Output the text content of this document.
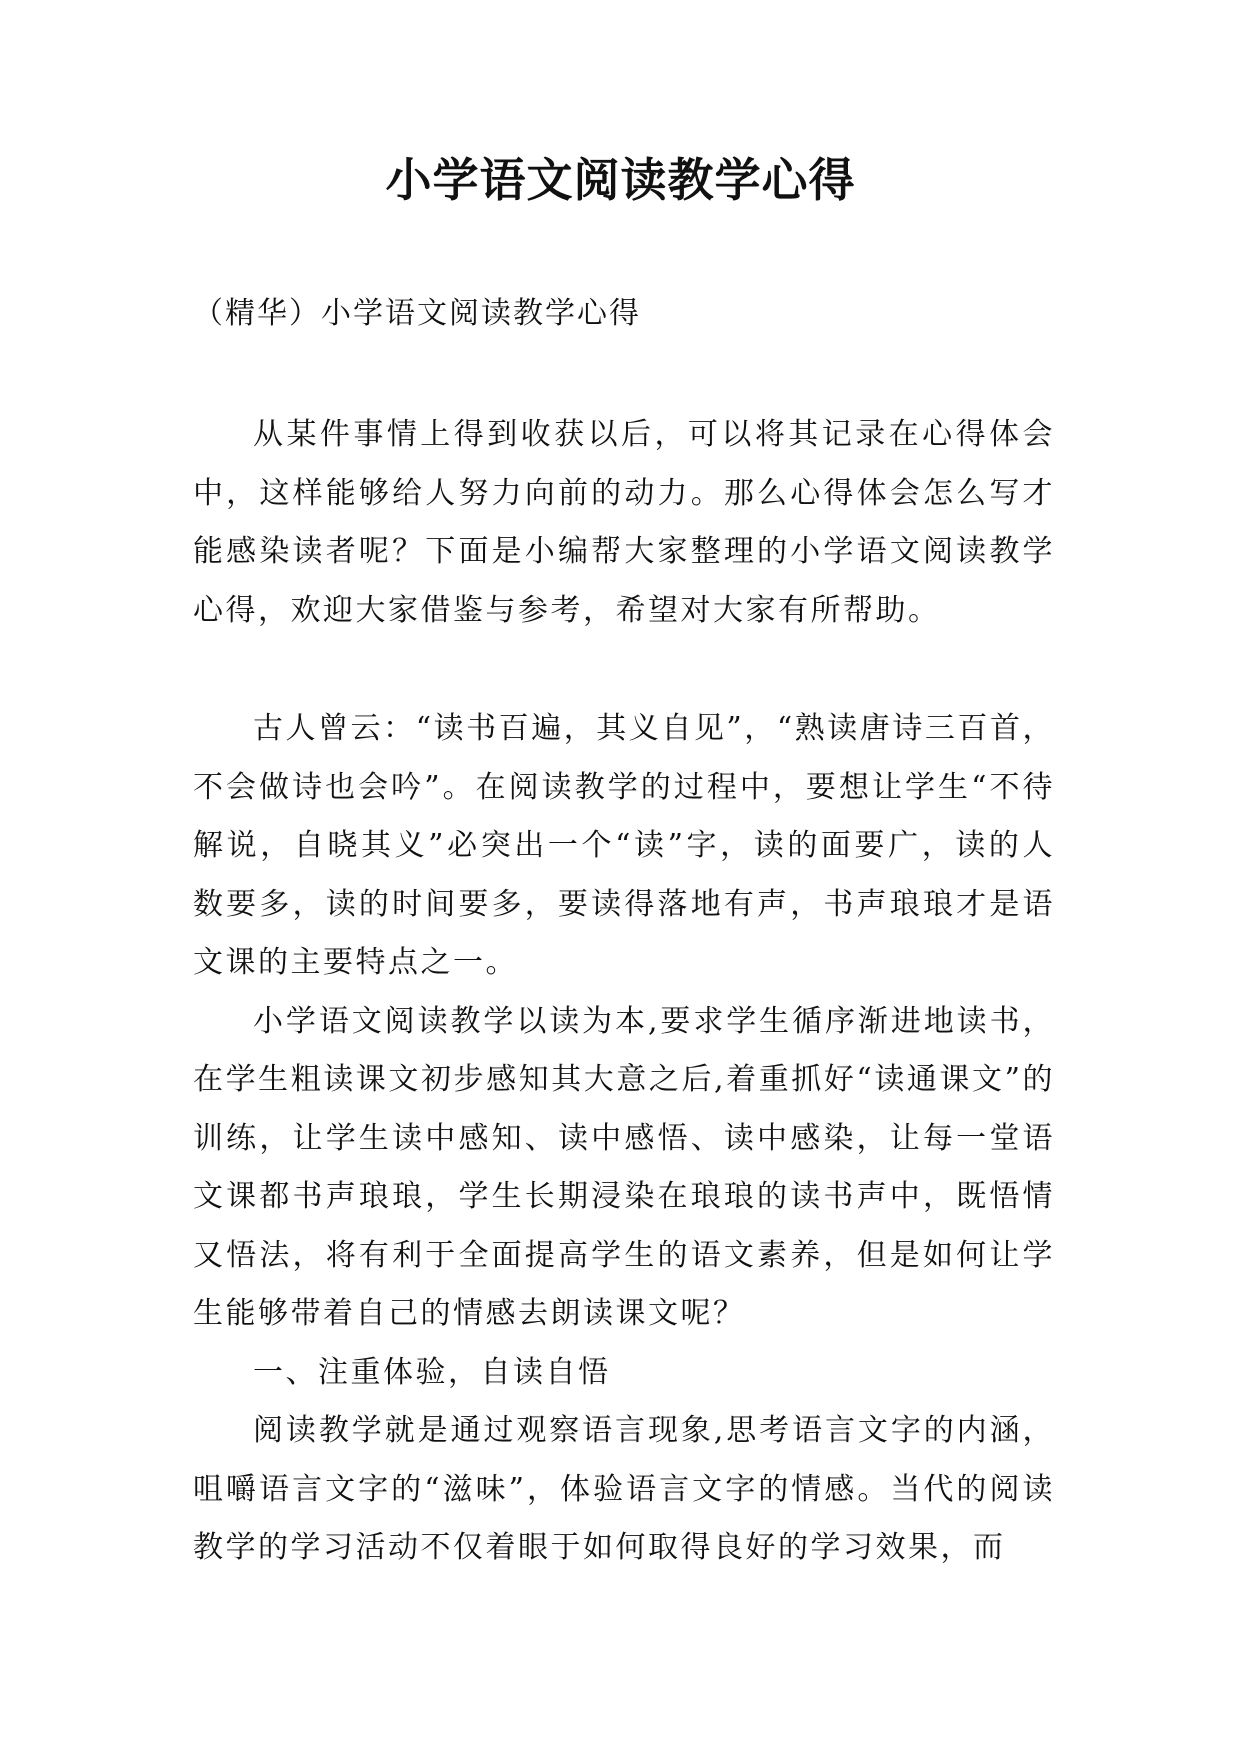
小学语文阅读教学心得
（精华）小学语文阅读教学心得

从某件事情上得到收获以后，可以将其记录在心得体会中，这样能够给人努力向前的动力。那么心得体会怎么写才能感染读者呢？下面是小编帮大家整理的小学语文阅读教学心得，欢迎大家借鉴与参考，希望对大家有所帮助。

古人曾云：“读书百遍，其义自见”，“熟读唐诗三百首，不会做诗也会吟”。在阅读教学的过程中，要想让学生“不待解说，自晓其义”必突出一个“读”字，读的面要广，读的人数要多，读的时间要多，要读得落地有声，书声琅琅才是语文课的主要特点之一。

小学语文阅读教学以读为本,要求学生循序渐进地读书，在学生粗读课文初步感知其大意之后,着重抓好“读通课文”的训练，让学生读中感知、读中感悟、读中感染，让每一堂语文课都书声琅琅，学生长期浸染在琅琅的读书声中，既悟情又悟法，将有利于全面提高学生的语文素养，但是如何让学生能够带着自己的情感去朗读课文呢？

一、注重体验，自读自悟

阅读教学就是通过观察语言现象,思考语言文字的内涵，咀嚼语言文字的“滋味”，体验语言文字的情感。当代的阅读教学的学习活动不仅着眼于如何取得良好的学习效果，而
